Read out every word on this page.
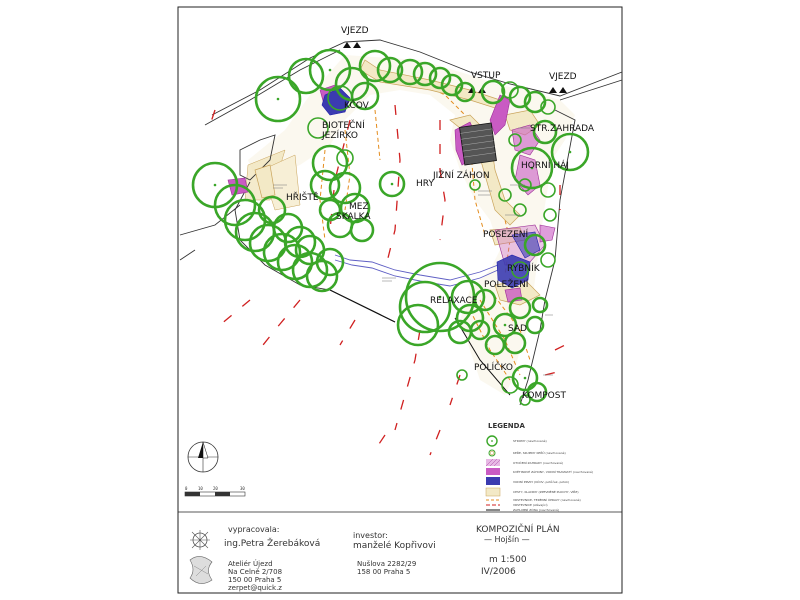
VJEZD
VJEZD
VSTUP
KČOV
BIOTEČNÍ
JEZÍRKO
STR.ZAHRADA
HORNÍ HÁJ
JIŽNÍ ZÁHON
HRY
HŘIŠTĚ
MEZ
SKALKA
POSEZENÍ
RYBNÍK
POLEŽENÍ
RELAXACE
SAD
POLÍČKO
KOMPOST
0	10	20	30
LEGENDA
STROMY (navrhované)
KEŘE, SKUPINY KEŘŮ (navrhované)
OTOČENÍ ZAHRADY (navrhované)
KVĚTINOVÉ ZÁHONY, VODNÍ TRAVNATÝ (navrhované)
VODNÍ PRVKY (KČOV, potůček, potok)
CESTY, KLADINY (ZPEVNĚNÉ PLOCHY, VÍŘE)
VRSTEVNICE, TERÉNNÍ ÚPRAVY (navrhované)
VRSTEVNICE (stávající)
ZAHLUBNÍ ZÓNA (navrhovaná)
vypracovala:
ing.Petra Žerebáková
Ateliér Újezd
Na Celně 2/708
150 00 Praha 5
zerpet@quick.z
investor:
manželé Kopřivovi
Nušlova 2282/29
158 00 Praha 5
KOMPOZIČNÍ PLÁN
— Hojšín —
m 1:500
IV/2006
